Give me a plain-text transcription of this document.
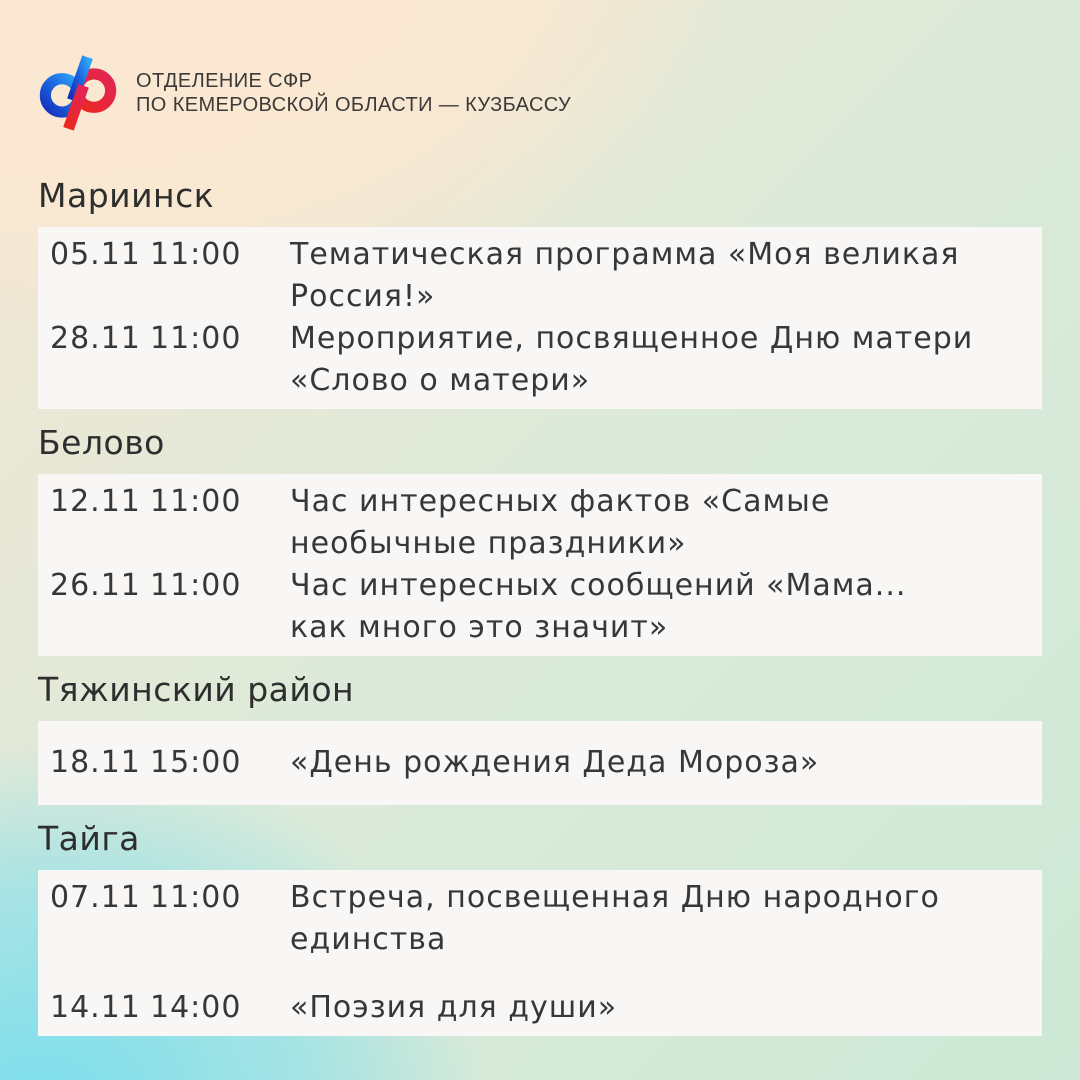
ОТДЕЛЕНИЕ СФР
ПО КЕМЕРОВСКОЙ ОБЛАСТИ — КУЗБАССУ
Мариинск
05.11 11:00	Тематическая программа «Моя великая
Россия!»
28.11 11:00	Мероприятие, посвященное Дню матери
«Слово о матери»
Белово
12.11 11:00	Час интересных фактов «Самые
необычные праздники»
26.11 11:00	Час интересных сообщений «Мама...
как много это значит»
Тяжинский район
18.11 15:00	«День рождения Деда Мороза»
Тайга
07.11 11:00	Встреча, посвещенная Дню народного
единства
14.11 14:00	«Поэзия для души»
